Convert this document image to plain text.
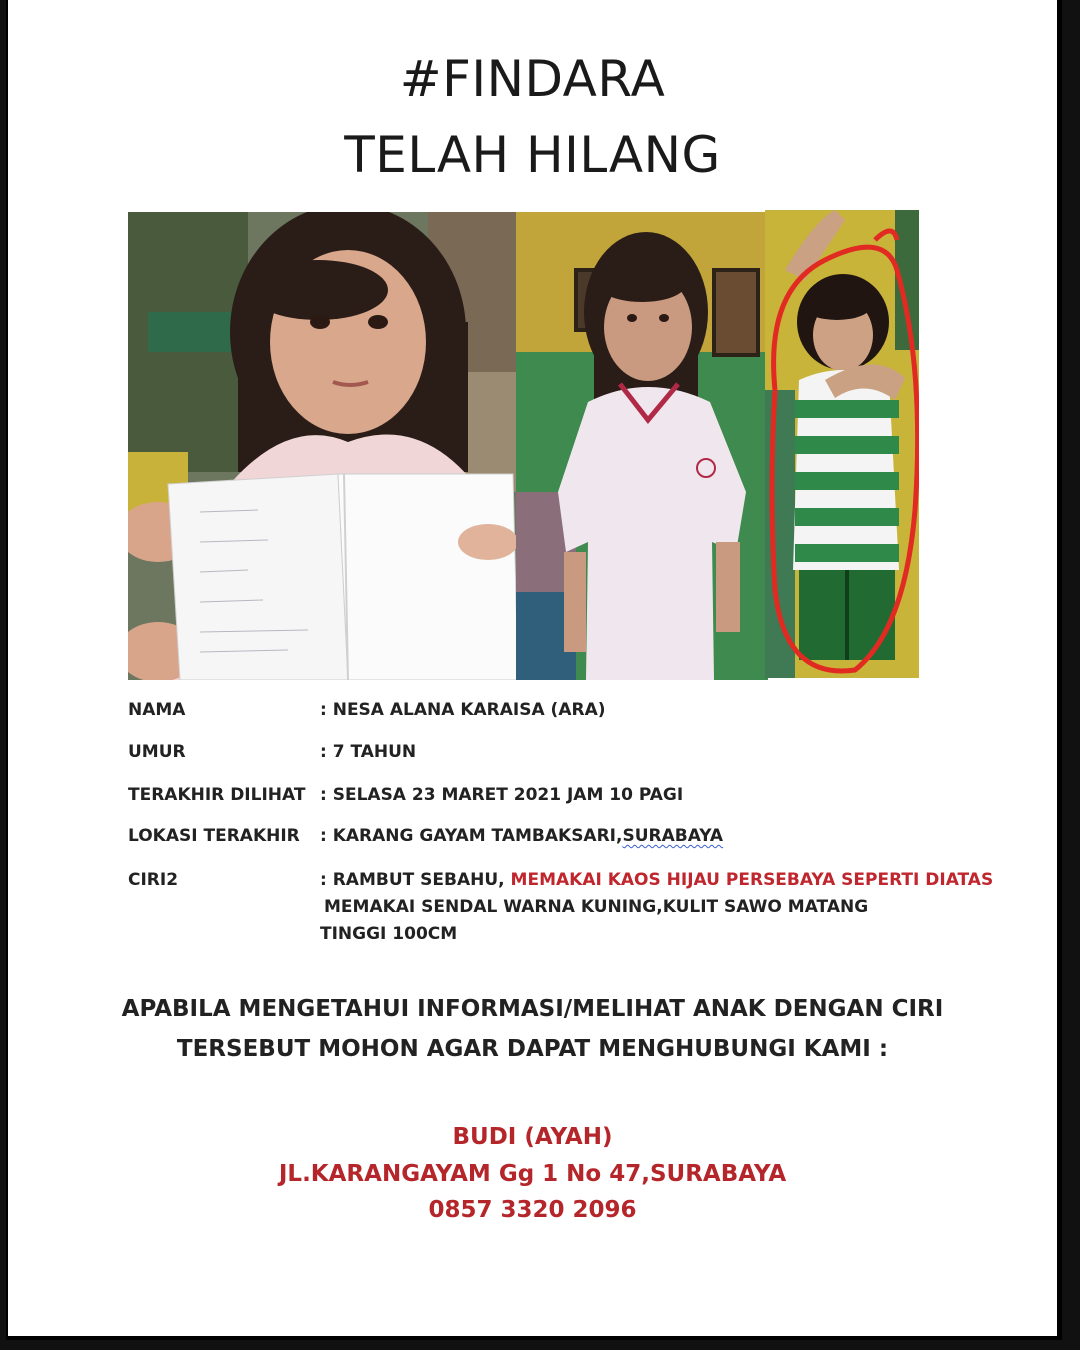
#FINDARA
TELAH HILANG
NAMA	: NESA ALANA KARAISA (ARA)
UMUR	: 7 TAHUN
TERAKHIR DILIHAT : SELASA 23 MARET 2021 JAM 10 PAGI
LOKASI TERAKHIR : KARANG GAYAM TAMBAKSARI,SURABAYA
CIRI2	: RAMBUT SEBAHU, MEMAKAI KAOS HIJAU PERSEBAYA SEPERTI DIATAS
MEMAKAI SENDAL WARNA KUNING,KULIT SAWO MATANG
TINGGI 100CM
APABILA MENGETAHUI INFORMASI/MELIHAT ANAK DENGAN CIRI
TERSEBUT MOHON AGAR DAPAT MENGHUBUNGI KAMI :
BUDI (AYAH)
JL.KARANGAYAM Gg 1 No 47,SURABAYA
0857 3320 2096
